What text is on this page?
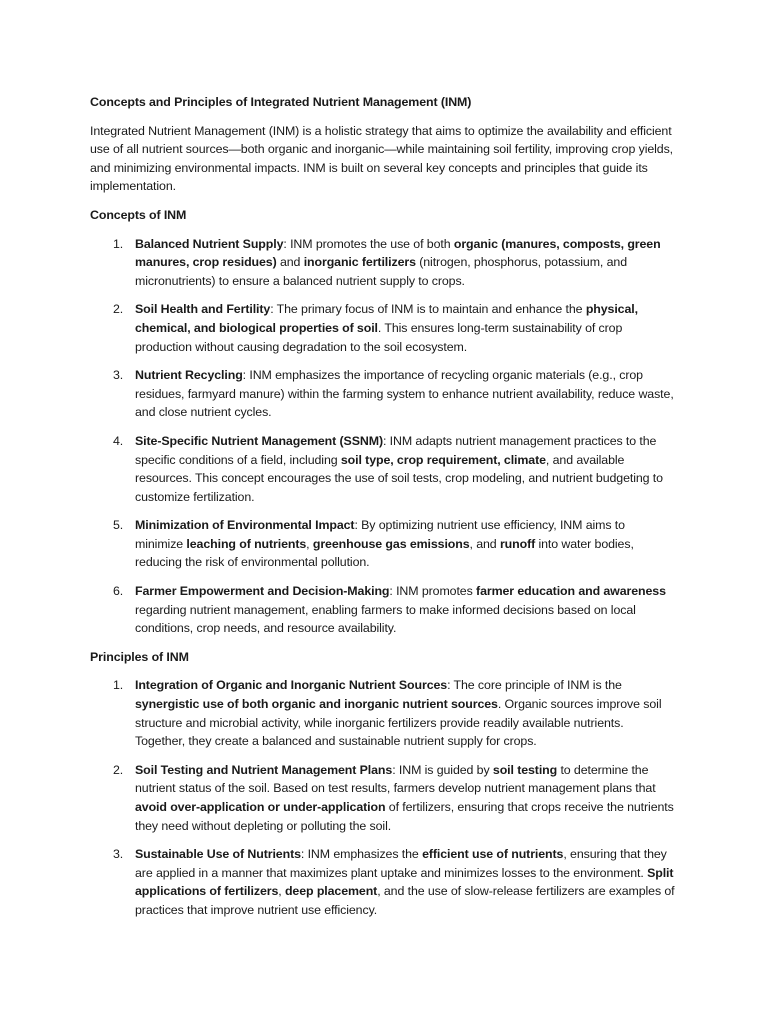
Concepts and Principles of Integrated Nutrient Management (INM)

Integrated Nutrient Management (INM) is a holistic strategy that aims to optimize the availability and efficient use of all nutrient sources—both organic and inorganic—while maintaining soil fertility, improving crop yields, and minimizing environmental impacts. INM is built on several key concepts and principles that guide its implementation.

Concepts of INM

1. Balanced Nutrient Supply: INM promotes the use of both organic (manures, composts, green manures, crop residues) and inorganic fertilizers (nitrogen, phosphorus, potassium, and micronutrients) to ensure a balanced nutrient supply to crops.
2. Soil Health and Fertility: The primary focus of INM is to maintain and enhance the physical, chemical, and biological properties of soil. This ensures long-term sustainability of crop production without causing degradation to the soil ecosystem.
3. Nutrient Recycling: INM emphasizes the importance of recycling organic materials (e.g., crop residues, farmyard manure) within the farming system to enhance nutrient availability, reduce waste, and close nutrient cycles.
4. Site-Specific Nutrient Management (SSNM): INM adapts nutrient management practices to the specific conditions of a field, including soil type, crop requirement, climate, and available resources. This concept encourages the use of soil tests, crop modeling, and nutrient budgeting to customize fertilization.
5. Minimization of Environmental Impact: By optimizing nutrient use efficiency, INM aims to minimize leaching of nutrients, greenhouse gas emissions, and runoff into water bodies, reducing the risk of environmental pollution.
6. Farmer Empowerment and Decision-Making: INM promotes farmer education and awareness regarding nutrient management, enabling farmers to make informed decisions based on local conditions, crop needs, and resource availability.

Principles of INM

1. Integration of Organic and Inorganic Nutrient Sources: The core principle of INM is the synergistic use of both organic and inorganic nutrient sources. Organic sources improve soil structure and microbial activity, while inorganic fertilizers provide readily available nutrients. Together, they create a balanced and sustainable nutrient supply for crops.
2. Soil Testing and Nutrient Management Plans: INM is guided by soil testing to determine the nutrient status of the soil. Based on test results, farmers develop nutrient management plans that avoid over-application or under-application of fertilizers, ensuring that crops receive the nutrients they need without depleting or polluting the soil.
3. Sustainable Use of Nutrients: INM emphasizes the efficient use of nutrients, ensuring that they are applied in a manner that maximizes plant uptake and minimizes losses to the environment. Split applications of fertilizers, deep placement, and the use of slow-release fertilizers are examples of practices that improve nutrient use efficiency.
